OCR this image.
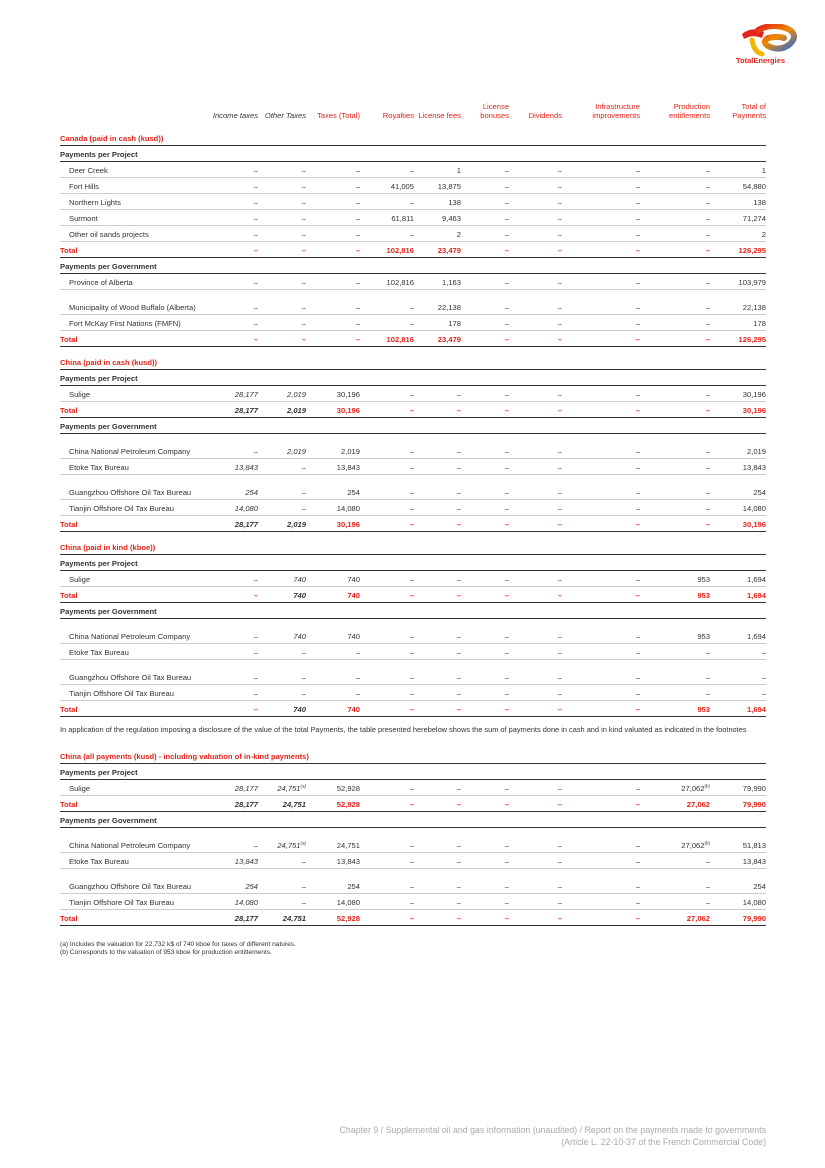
TotalEnergies
	Income taxes	Other Taxes	Taxes (Total)	Royalties	License fees	License bonuses	Dividends	Infrastructure improvements	Production entitlements	Total of Payments
Canada (paid in cash (kusd))										
Payments per Project										
Deer Creek	–	–	–	–	1	–	–	–	–	1
Fort Hills	–	–	–	41,005	13,875	–	–	–	–	54,880
Northern Lights	–	–	–	–	138	–	–	–	–	138
Surmont	–	–	–	61,811	9,463	–	–	–	–	71,274
Other oil sands projects	–	–	–	–	2	–	–	–	–	2
Total	–	–	–	102,816	23,479	–	–	–	–	126,295
Payments per Government										
Province of Alberta	–	–	–	102,816	1,163	–	–	–	–	103,979
Municipality of Wood Buffalo (Alberta)	–	–	–	–	22,138	–	–	–	–	22,138
Fort McKay First Nations (FMFN)	–	–	–	–	178	–	–	–	–	178
Total	–	–	–	102,816	23,479	–	–	–	–	126,295
China (paid in cash (kusd))										
Payments per Project										
Sulige	28,177	2,019	30,196	–	–	–	–	–	–	30,196
Total	28,177	2,019	30,196	–	–	–	–	–	–	30,196
Payments per Government										
China National Petroleum Company	–	2,019	2,019	–	–	–	–	–	–	2,019
Etoke Tax Bureau	13,843	–	13,843	–	–	–	–	–	–	13,843
Guangzhou Offshore Oil Tax Bureau	254	–	254	–	–	–	–	–	–	254
Tianjin Offshore Oil Tax Bureau	14,080	–	14,080	–	–	–	–	–	–	14,080
Total	28,177	2,019	30,196	–	–	–	–	–	–	30,196
China (paid in kind (kboe))										
Payments per Project										
Sulige	–	740	740	–	–	–	–	–	953	1,694
Total	–	740	740	–	–	–	–	–	953	1,694
Payments per Government										
China National Petroleum Company	–	740	740	–	–	–	–	–	953	1,694
Etoke Tax Bureau	–	–	–	–	–	–	–	–	–	–
Guangzhou Offshore Oil Tax Bureau	–	–	–	–	–	–	–	–	–	–
Tianjin Offshore Oil Tax Bureau	–	–	–	–	–	–	–	–	–	–
Total	–	740	740	–	–	–	–	–	953	1,694
In application of the regulation imposing a disclosure of the value of the total Payments, the table presented herebelow shows the sum of payments done in cash and in kind valuated as indicated in the footnotes										
China (all payments (kusd) - including valuation of in-kind payments)										
Payments per Project										
Sulige	28,177	24,751$^{(a)}$	52,928	–	–	–	–	–	27,062$^{(b)}$	79,990
Total	28,177	24,751	52,928	–	–	–	–	–	27,062	79,990
Payments per Government										
China National Petroleum Company	–	24,751$^{(a)}$	24,751	–	–	–	–	–	27,062$^{(b)}$	51,813
Etoke Tax Bureau	13,843	–	13,843	–	–	–	–	–	–	13,843
Guangzhou Offshore Oil Tax Bureau	254	–	254	–	–	–	–	–	–	254
Tianjin Offshore Oil Tax Bureau	14,080	–	14,080	–	–	–	–	–	–	14,080
Total	28,177	24,751	52,928	–	–	–	–	–	27,062	79,990
(a) Includes the valuation for 22,732 k$ of 740 kboe for taxes of different natures.
(b) Corresponds to the valuation of 953 kboe for production entitlements.
Chapter 9 / Supplemental oil and gas information (unaudited) / Report on the payments made to governments
(Article L. 22-10-37 of the French Commercial Code)
